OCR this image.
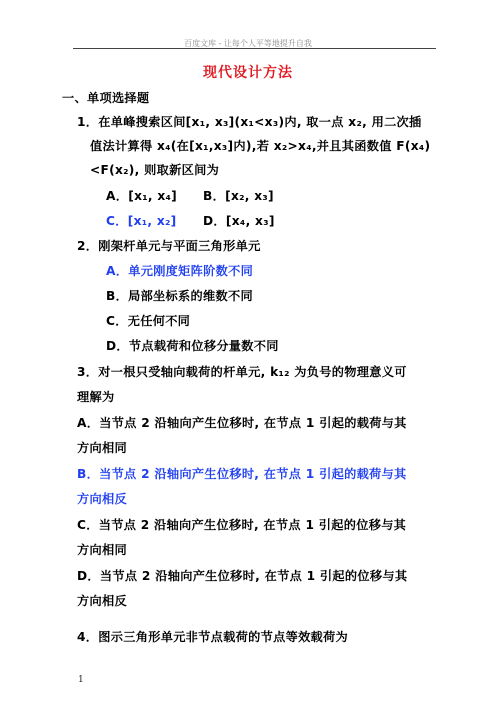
百度文库 - 让每个人平等地提升自我
现代设计方法
一、单项选择题
1．在单峰搜索区间[x₁, x₃](x₁<x₃)内, 取一点 x₂, 用二次插
值法计算得 x₄(在[x₁,x₃]内),若 x₂>x₄,并且其函数值 F(x₄)
<F(x₂), 则取新区间为
A．[x₁, x₄] B．[x₂, x₃]
C．[x₁, x₂] D．[x₄, x₃]
2．刚架杆单元与平面三角形单元
A．单元刚度矩阵阶数不同
B．局部坐标系的维数不同
C．无任何不同
D．节点载荷和位移分量数不同
3．对一根只受轴向载荷的杆单元, k₁₂ 为负号的物理意义可
理解为
A．当节点 2 沿轴向产生位移时, 在节点 1 引起的载荷与其
方向相同
B．当节点 2 沿轴向产生位移时, 在节点 1 引起的载荷与其
方向相反
C．当节点 2 沿轴向产生位移时, 在节点 1 引起的位移与其
方向相同
D．当节点 2 沿轴向产生位移时, 在节点 1 引起的位移与其
方向相反
4．图示三角形单元非节点载荷的节点等效载荷为
1
